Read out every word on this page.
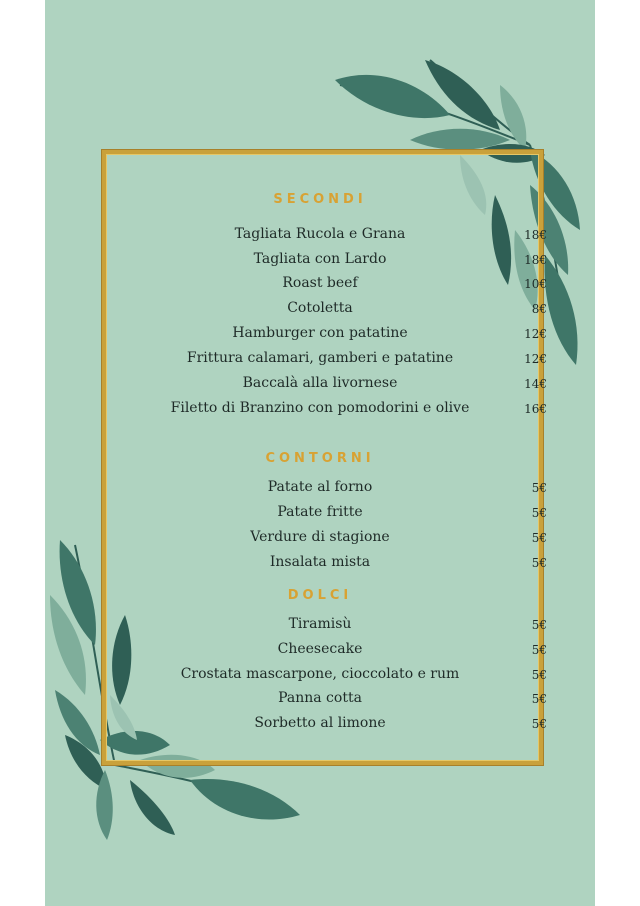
SECONDI
Tagliata Rucola e Grana	18€
Tagliata con Lardo	18€
Roast beef	10€
Cotoletta	8€
Hamburger con patatine	12€
Frittura calamari, gamberi e patatine	12€
Baccalà alla livornese	14€
Filetto di Branzino con pomodorini e olive	16€
CONTORNI
Patate al forno	5€
Patate fritte	5€
Verdure di stagione	5€
Insalata mista	5€
DOLCI
Tiramisù	5€
Cheesecake	5€
Crostata mascarpone, cioccolato e rum	5€
Panna cotta	5€
Sorbetto al limone	5€
